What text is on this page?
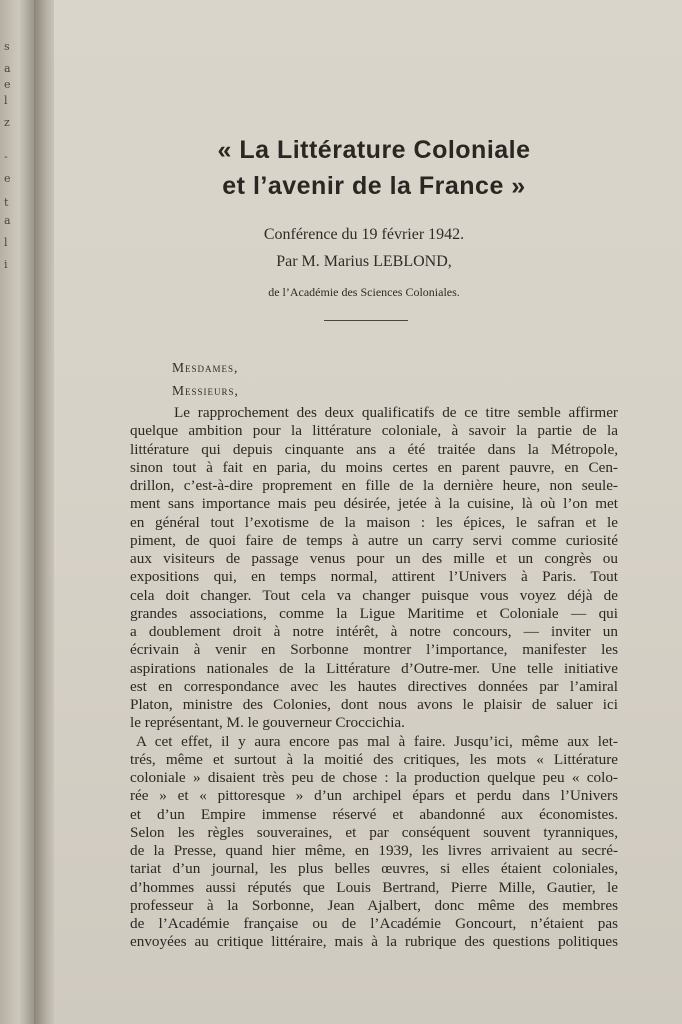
s
a
e
l
z
-
e
t
a
l
i
« La Littérature Coloniale
et l’avenir de la France »
Conférence du 19 février 1942.
Par M. Marius LEBLOND,
de l’Académie des Sciences Coloniales.
Mesdames,
Messieurs,
Le rapprochement des deux qualificatifs de ce titre semble affirmer
quelque ambition pour la littérature coloniale, à savoir la partie de la
littérature qui depuis cinquante ans a été traitée dans la Métropole,
sinon tout à fait en paria, du moins certes en parent pauvre, en Cen-
drillon, c’est-à-dire proprement en fille de la dernière heure, non seule-
ment sans importance mais peu désirée, jetée à la cuisine, là où l’on met
en général tout l’exotisme de la maison : les épices, le safran et le
piment, de quoi faire de temps à autre un carry servi comme curiosité
aux visiteurs de passage venus pour un des mille et un congrès ou
expositions qui, en temps normal, attirent l’Univers à Paris. Tout
cela doit changer. Tout cela va changer puisque vous voyez déjà de
grandes associations, comme la Ligue Maritime et Coloniale — qui
a doublement droit à notre intérêt, à notre concours, — inviter un
écrivain à venir en Sorbonne montrer l’importance, manifester les
aspirations nationales de la Littérature d’Outre-mer. Une telle initiative
est en correspondance avec les hautes directives données par l’amiral
Platon, ministre des Colonies, dont nous avons le plaisir de saluer ici
le représentant, M. le gouverneur Croccichia.
A cet effet, il y aura encore pas mal à faire. Jusqu’ici, même aux let-
trés, même et surtout à la moitié des critiques, les mots « Littérature
coloniale » disaient très peu de chose : la production quelque peu « colo-
rée » et « pittoresque » d’un archipel épars et perdu dans l’Univers
et d’un Empire immense réservé et abandonné aux économistes.
Selon les règles souveraines, et par conséquent souvent tyranniques,
de la Presse, quand hier même, en 1939, les livres arrivaient au secré-
tariat d’un journal, les plus belles œuvres, si elles étaient coloniales,
d’hommes aussi réputés que Louis Bertrand, Pierre Mille, Gautier, le
professeur à la Sorbonne, Jean Ajalbert, donc même des membres
de l’Académie française ou de l’Académie Goncourt, n’étaient pas
envoyées au critique littéraire, mais à la rubrique des questions politiques
